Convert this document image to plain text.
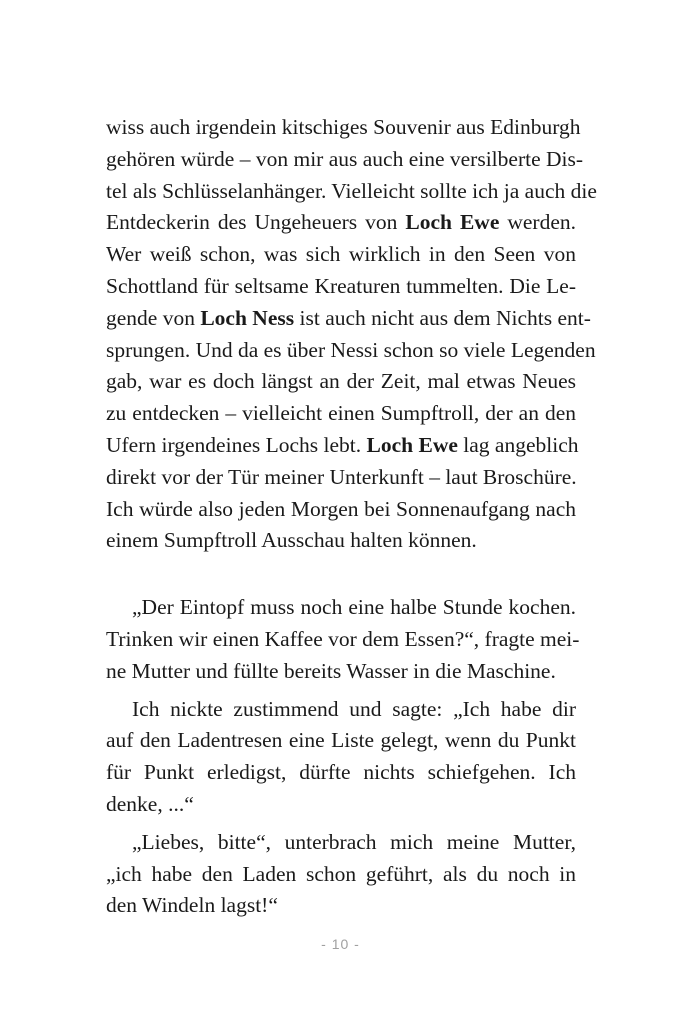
wiss auch irgendein kitschiges Souvenir aus Edinburgh
gehören würde – von mir aus auch eine versilberte Dis-
tel als Schlüsselanhänger. Vielleicht sollte ich ja auch die
Entdeckerin des Ungeheuers von Loch Ewe werden.
Wer weiß schon, was sich wirklich in den Seen von
Schottland für seltsame Kreaturen tummelten. Die Le-
gende von Loch Ness ist auch nicht aus dem Nichts ent-
sprungen. Und da es über Nessi schon so viele Legenden
gab, war es doch längst an der Zeit, mal etwas Neues
zu entdecken – vielleicht einen Sumpftroll, der an den
Ufern irgendeines Lochs lebt. Loch Ewe lag angeblich
direkt vor der Tür meiner Unterkunft – laut Broschüre.
Ich würde also jeden Morgen bei Sonnenaufgang nach
einem Sumpftroll Ausschau halten können.
„Der Eintopf muss noch eine halbe Stunde kochen.
Trinken wir einen Kaffee vor dem Essen?“, fragte mei-
ne Mutter und füllte bereits Wasser in die Maschine.
Ich nickte zustimmend und sagte: „Ich habe dir
auf den Ladentresen eine Liste gelegt, wenn du Punkt
für Punkt erledigst, dürfte nichts schiefgehen. Ich
denke, ...“
„Liebes, bitte“, unterbrach mich meine Mutter,
„ich habe den Laden schon geführt, als du noch in
den Windeln lagst!“
- 10 -
